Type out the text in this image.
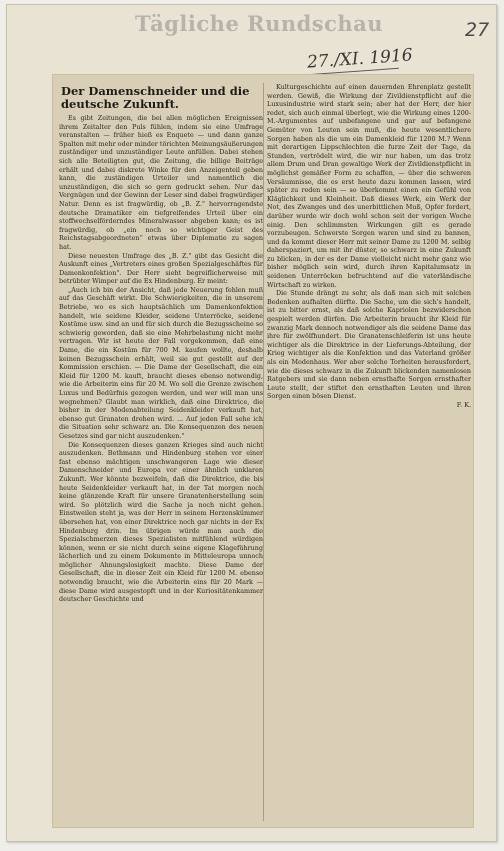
Tägliche Rundschau	27
27./XI. 1916
Der Damenschneider und die deutsche Zukunft.

Es gibt Zeitungen, die bei allen möglichen Ereignissen ihrem Zeitalter den Puls fühlen, indem sie eine Umfrage veranstalten — früher hieß es Enquete — und dann ganze Spalten mit mehr oder minder törichten Meinungsäußerungen zuständiger und unzuständiger Leute anfüllen. Dabei stehen sich alle Beteiligten gut, die Zeitung, die billige Beiträge erhält und dabei diskrete Winke für den Anzeigenteil geben kann, die zuständigen Urteiler und namentlich die unzuständigen, die sich so gern gedruckt sehen. Nur das Vergnügen und der Gewinn der Leser sind dabei fragwürdiger Natur. Denn es ist fragwürdig, ob „B. Z." hervorragendste deutsche Dramatiker ein tiefgreifendes Urteil über ein stoffwechselförderndes Mineralwasser abgeben kann; es ist fragwürdig, ob „ein noch so wichtiger Geist des Reichstagsabgeordneten“ etwas über Diplomatie zu sagen hat.

Diese neuesten Umfrage des „B. Z." gibt das Gesicht die Auskunft eines „Vertreters eines großen Spezialgeschäftes für Damenkonfektion". Der Herr sieht begreiflicherweise mit betrübter Wimper auf die Ex Hindenburg. Er meint:

„Auch ich bin der Ansicht, daß jede Neuerung fehlen muß auf das Geschäft wirkt. Die Schwierigkeiten, die in unserem Betriebe, wo es sich hauptsächlich um Damenkonfektion handelt, wie seidene Kleider, seidene Unterröcke, seidene Kostüme usw. sind an und für sich durch die Bezugsscheine so schwierig geworden, daß sie eine Mehrbelastung nicht mehr vertragen. Wir ist heute der Fall vorgekommen, daß eine Dame, die ein Kostüm für 700 M. kaufen wollte, deshalb keinen Bezugsschein erhält, weil sie gut gestellt auf der Kommission erschien. — Die Dame der Gesellschaft, die ein Kleid für 1200 M. kauft, braucht dieses ebenso notwendig, wie die Arbeiterin eins für 20 M. Wo soll die Grenze zwischen Luxus und Bedürfnis gezogen werden, und wer will man uns wegnehmen? Glaubt man wirklich, daß eine Direktrice, die bisher in der Modenabteilung Seidenkleider verkauft hat, ebenso gut Granaten drehen wird. ... Auf jeden Fall sehe ich die Situation sehr schwarz an. Die Konsequenzen des neuen Gesetzes sind gar nicht auszudenken."

Die Konsequenzen dieses ganzen Krieges sind auch nicht auszudenken. Bethmann und Hindenburg stehen vor einer fast ebenso mächtigen unschwangeren Lage wie dieser Damenschneider und Europa vor einer ähnlich unklaren Zukunft. Wer könnte bezweifeln, daß die Direktrice, die bis heute Seidenkleider verkauft hat, in der Tat morgen noch keine glänzende Kraft für unsere Granatenherstellung sein wird. So plötzlich wird die Sache ja noch nicht gehen. Einstweilen steht ja, was der Herr in seinem Herzenskümmer übersehen hat, von einer Direktrice noch gar nichts in der Ex Hindenburg drin. Im übrigen würde man auch die Spezialschmerzen dieses Spezialisten mitfühlend würdigen können, wenn er sie nicht durch seine eigene Klageführung lächerlich und zu einem Dokumente in Mitteleuropa unnoch möglicher Ahnungslosigkeit machte. Diese Dame der Gesellschaft, die in dieser Zeit ein Kleid für 1200 M. ebenso notwendig braucht, wie die Arbeiterin eins für 20 Mark — diese Dame wird ausgestopft und in der Kuriositätenkammer deutscher Geschichte und

Kulturgeschichte auf einen dauernden Ehrenplatz gestellt werden. Gewiß, die Wirkung der Zivildienstpflicht auf die Luxusindustrie wird stark sein; aber hat der Herr, der hier redet, sich auch einmal überlegt, wie die Wirkung eines 1200-M.-Argumentes auf unbefangene und gar auf befangene Gemüter von Leuten sein muß, die heute wesentlichere Sorgen haben als die um ein Damenkleid für 1200 M.? Wenn mit derartigen Lippschlechten die furze Zeit der Tage, da Stunden, vertrödelt wird, die wir nur haben, um das trotz allem Drum und Dran gewaltige Werk der Zivildienstpflicht in möglichst gemäßer Form zu schaffen, — über die schweren Versäumnisse, die es erst heute dazu kommen lassen, wird später zu reden sein — so überkommt einen ein Gefühl von Kläglichkeit und Kleinheit. Daß dieses Werk, ein Werk der Not, des Zwanges und des unerbittlichen Muß, Opfer fordert, darüber wurde wir doch wohl schon seit der vorigen Woche einig. Den schlimmsten Wirkungen gilt es gerade vorzubeugen. Schwerste Sorgen waren und sind zu bannen, und da kommt dieser Herr mit seiner Dame zu 1200 M. selbig daherspaziert, um mit ihr düster, so schwarz in eine Zukunft zu blicken, in der es der Dame vielleicht nicht mehr ganz wie bisher möglich sein wird, durch ihren Kapitalumsatz in seidenen Unterröcken befruchtend auf die vaterländische Wirtschaft zu wirken.

Die Stunde drängt zu sehr, als daß man sich mit solchen Bedenken aufhalten dürfte. Die Sache, um die sich's handelt, ist zu bitter ernst, als daß solche Kapriolen bezwiderschon gespielt werden dürfen. Die Arbeiterin braucht ihr Kleid für zwanzig Mark dennoch notwendiger als die seidene Dame das ihre für zwölfhundert. Die Granatenschleiferin ist uns heute wichtiger als die Direktrice in der Lieferungs-Abteilung, der Krieg wichtiger als die Konfektion und das Vaterland größer als ein Modenhaus. Wer aber solche Torheiten herausfordert, wie die dieses schwarz in die Zukunft blickenden namenlosen Ratgebers und sie dann neben ernsthafte Sorgen ernsthafter Leute stellt, der stiftet den ernsthaften Leuten und ihren Sorgen einen bösen Dienst.

F. K.
